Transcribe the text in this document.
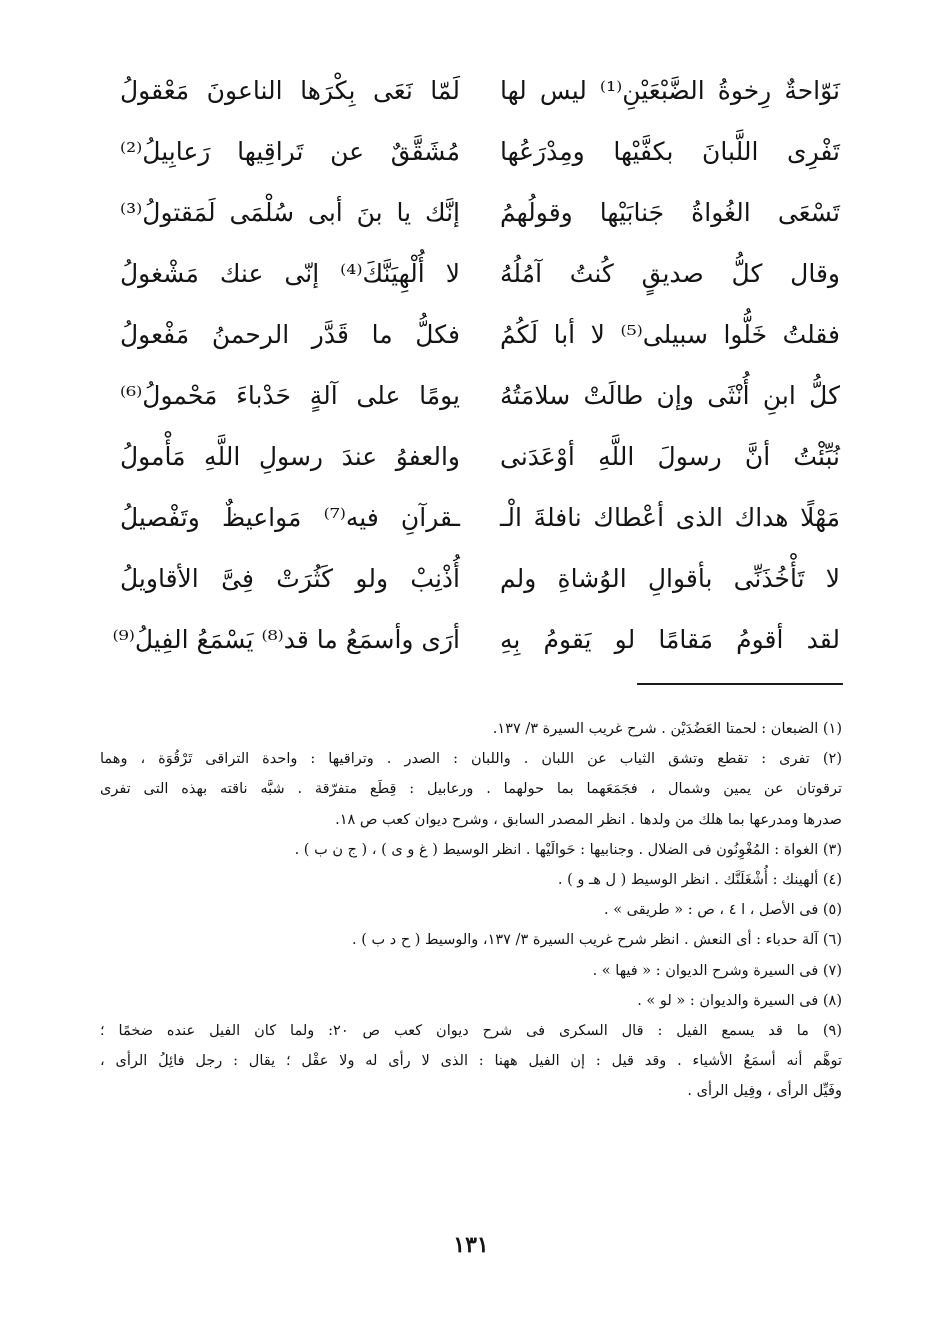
نَوّاحةٌ رِخوةُ الضَّبْعَيْنِ⁽¹⁾ ليس لها
لَمّا نَعَى بِكْرَها الناعونَ مَعْقولُ
تَفْرِى اللَّبانَ بكفَّيْها ومِدْرَعُها
مُشَقَّقٌ عن تَراقِيها رَعابِيلُ⁽²⁾
تَسْعَى الغُواةُ جَنابَيْها وقولُهمُ
إنَّك يا بنَ أبى سُلْمَى لَمَقتولُ⁽³⁾
وقال كلُّ صديقٍ كُنتُ آمُلُهُ
لا أُلْهِيَنَّكَ⁽⁴⁾ إنّى عنك مَشْغولُ
فقلتُ خَلُّوا سبيلى⁽⁵⁾ لا أبا لَكُمُ
فكلُّ ما قَدَّر الرحمنُ مَفْعولُ
كلُّ ابنِ أُنْثَى وإن طالَتْ سلامَتُهُ
يومًا على آلةٍ حَدْباءَ مَحْمولُ⁽⁶⁾
نُبِّئْتُ أنَّ رسولَ اللَّهِ أوْعَدَنى
والعفوُ عندَ رسولِ اللَّهِ مَأْمولُ
مَهْلًا هداك الذى أعْطاك نافلةَ الْـ
ـقرآنِ فيه⁽⁷⁾ مَواعيظٌ وتَفْصيلُ
لا تَأْخُذَنِّى بأقوالِ الوُشاةِ ولم
أُذْنِبْ ولو كَثُرَتْ فِىَّ الأقاويلُ
لقد أقومُ مَقامًا لو يَقومُ بِهِ
أرَى وأسمَعُ ما قد⁽⁸⁾ يَسْمَعُ الفِيلُ⁽⁹⁾
(١) الضبعان : لحمتا العَضُدَيْن . شرح غريب السيرة ٣/ ١٣٧.
(٢) تفرى : تقطع وتشق الثياب عن اللبان . واللبان : الصدر . وتراقيها : واحدة التراقى تَرْقُوَة ، وهما
ترقوتان عن يمين وشمال ، فجَمَعَهما بما حولهما . ورعابيل : قِطَع متفرّقة . شبَّه ناقته بهذه التى تفرى
صدرها ومدرعها بما هلك من ولدها . انظر المصدر السابق ، وشرح ديوان كعب ص ١٨.
(٣) الغواة : المُغْوِنُون فى الضلال . وجنابيها : حَوالَيْها . انظر الوسيط ( غ و ى ) ، ( ج ن ب ) .
(٤) ألهينك : أُشْغَلَنَّك . انظر الوسيط ( ل هـ و ) .
(٥) فى الأصل ، ا ٤ ، ص : « طريقى » .
(٦) آلة حدباء : أى النعش . انظر شرح غريب السيرة ٣/ ١٣٧، والوسيط ( ح د ب ) .
(٧) فى السيرة وشرح الديوان : « فيها » .
(٨) فى السيرة والديوان : « لو » .
(٩) ما قد يسمع الفيل : قال السكرى فى شرح ديوان كعب ص ٢٠: ولما كان الفيل عنده ضخمًا ؛
توهَّم أنه أسمَعُ الأشياء . وقد قيل : إن الفيل ههنا : الذى لا رأى له ولا عقْل ؛ يقال : رجل فائِلُ الرأى ،
وفَيِّل الرأى ، وفِيل الرأى .
١٣١
